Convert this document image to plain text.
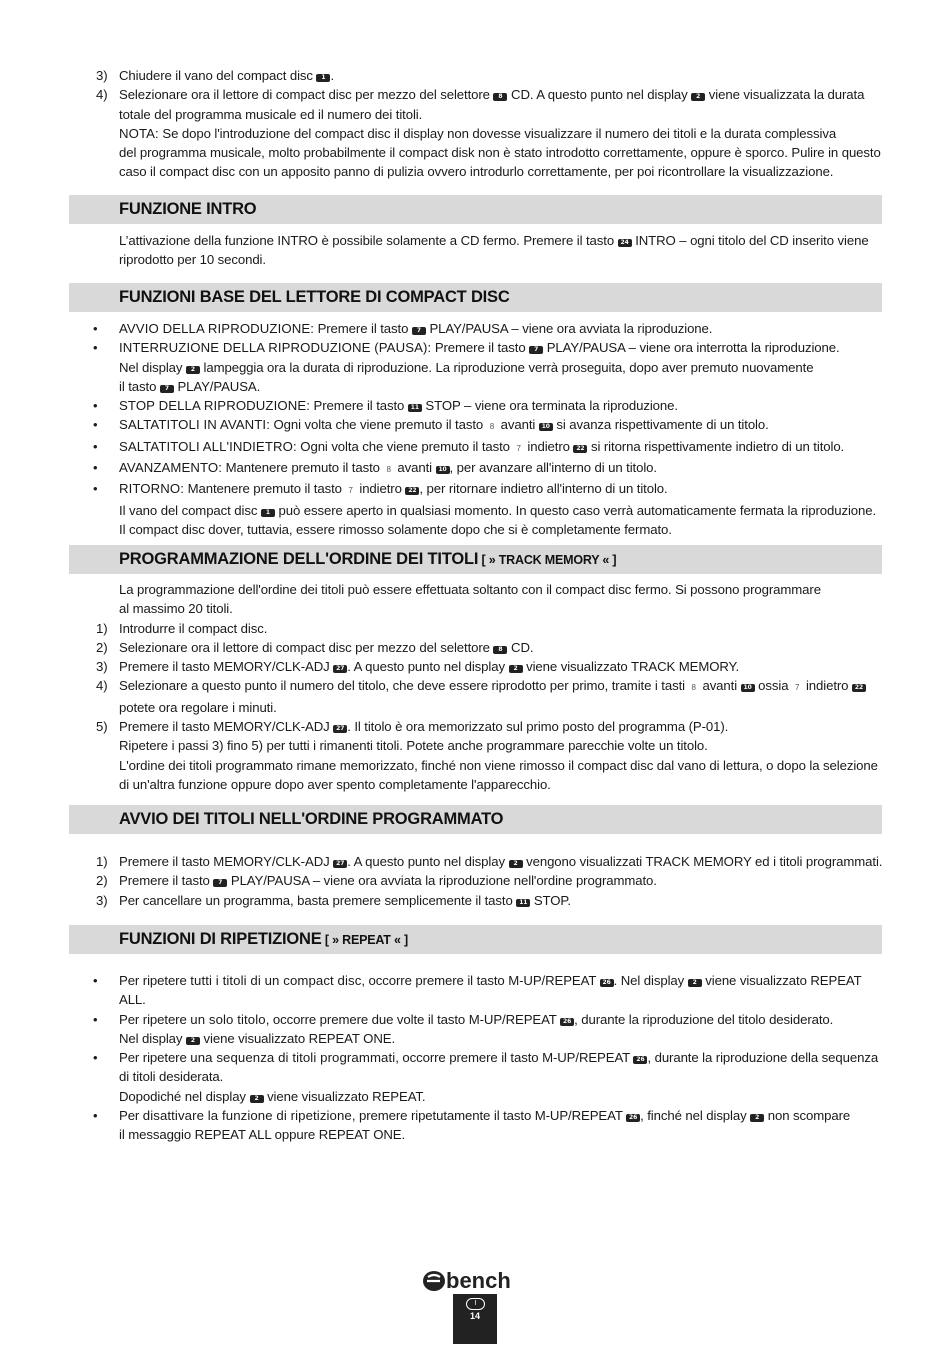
3) Chiudere il vano del compact disc 1 .
4) Selezionare ora il lettore di compact disc per mezzo del selettore 8 CD. A questo punto nel display 2 viene visualizzata la durata
totale del programma musicale ed il numero dei titoli.
NOTA: Se dopo l'introduzione del compact disc il display non dovesse visualizzare il numero dei titoli e la durata complessiva
del programma musicale, molto probabilmente il compact disk non è stato introdotto correttamente, oppure è sporco. Pulire in questo
caso il compact disc con un apposito panno di pulizia ovvero introdurlo correttamente, per poi ricontrollare la visualizzazione.
FUNZIONE INTRO
L’attivazione della funzione INTRO è possibile solamente a CD fermo. Premere il tasto 24 INTRO – ogni titolo del CD inserito viene
riprodotto per 10 secondi.
FUNZIONI BASE DEL LETTORE DI COMPACT DISC
• AVVIO DELLA RIPRODUZIONE: Premere il tasto 7 PLAY/PAUSA – viene ora avviata la riproduzione.
• INTERRUZIONE DELLA RIPRODUZIONE (PAUSA): Premere il tasto 7 PLAY/PAUSA – viene ora interrotta la riproduzione.
Nel display 2 lampeggia ora la durata di riproduzione. La riproduzione verrà proseguita, dopo aver premuto nuovamente
il tasto 7 PLAY/PAUSA.
• STOP DELLA RIPRODUZIONE: Premere il tasto 11 STOP – viene ora terminata la riproduzione.
• SALTATITOLI IN AVANTI: Ogni volta che viene premuto il tasto 8 avanti 10 si avanza rispettivamente di un titolo.
• SALTATITOLI ALL'INDIETRO: Ogni volta che viene premuto il tasto 7 indietro 22 si ritorna rispettivamente indietro di un titolo.
• AVANZAMENTO: Mantenere premuto il tasto 8 avanti 10 , per avanzare all'interno di un titolo.
• RITORNO: Mantenere premuto il tasto 7 indietro 22 , per ritornare indietro all'interno di un titolo.
Il vano del compact disc 1 può essere aperto in qualsiasi momento. In questo caso verrà automaticamente fermata la riproduzione.
Il compact disc dover, tuttavia, essere rimosso solamente dopo che si è completamente fermato.
PROGRAMMAZIONE DELL'ORDINE DEI TITOLI [ » TRACK MEMORY « ]
La programmazione dell'ordine dei titoli può essere effettuata soltanto con il compact disc fermo. Si possono programmare
al massimo 20 titoli.
1) Introdurre il compact disc.
2) Selezionare ora il lettore di compact disc per mezzo del selettore 8 CD.
3) Premere il tasto MEMORY/CLK-ADJ 27 . A questo punto nel display 2 viene visualizzato TRACK MEMORY.
4) Selezionare a questo punto il numero del titolo, che deve essere riprodotto per primo, tramite i tasti 8 avanti 10 ossia 7 indietro 22
potete ora regolare i minuti.
5) Premere il tasto MEMORY/CLK-ADJ 27 . Il titolo è ora memorizzato sul primo posto del programma (P-01).
Ripetere i passi 3) fino 5) per tutti i rimanenti titoli. Potete anche programmare parecchie volte un titolo.
L'ordine dei titoli programmato rimane memorizzato, finché non viene rimosso il compact disc dal vano di lettura, o dopo la selezione
di un'altra funzione oppure dopo aver spento completamente l'apparecchio.
AVVIO DEI TITOLI NELL'ORDINE PROGRAMMATO
1) Premere il tasto MEMORY/CLK-ADJ 27 . A questo punto nel display 2 vengono visualizzati TRACK MEMORY ed i titoli programmati.
2) Premere il tasto 7 PLAY/PAUSA – viene ora avviata la riproduzione nell'ordine programmato.
3) Per cancellare un programma, basta premere semplicemente il tasto 11 STOP.
FUNZIONI DI RIPETIZIONE [ » REPEAT « ]
• Per ripetere tutti i titoli di un compact disc, occorre premere il tasto M-UP/REPEAT 26 . Nel display 2 viene visualizzato REPEAT
ALL.
• Per ripetere un solo titolo, occorre premere due volte il tasto M-UP/REPEAT 26 , durante la riproduzione del titolo desiderato.
Nel display 2 viene visualizzato REPEAT ONE.
• Per ripetere una sequenza di titoli programmati, occorre premere il tasto M-UP/REPEAT 26 , durante la riproduzione della sequenza
di titoli desiderata.
Dopodiché nel display 2 viene visualizzato REPEAT.
• Per disattivare la funzione di ripetizione, premere ripetutamente il tasto M-UP/REPEAT 26 , finché nel display 2 non scompare
il messaggio REPEAT ALL oppure REPEAT ONE.
bench
I
14
